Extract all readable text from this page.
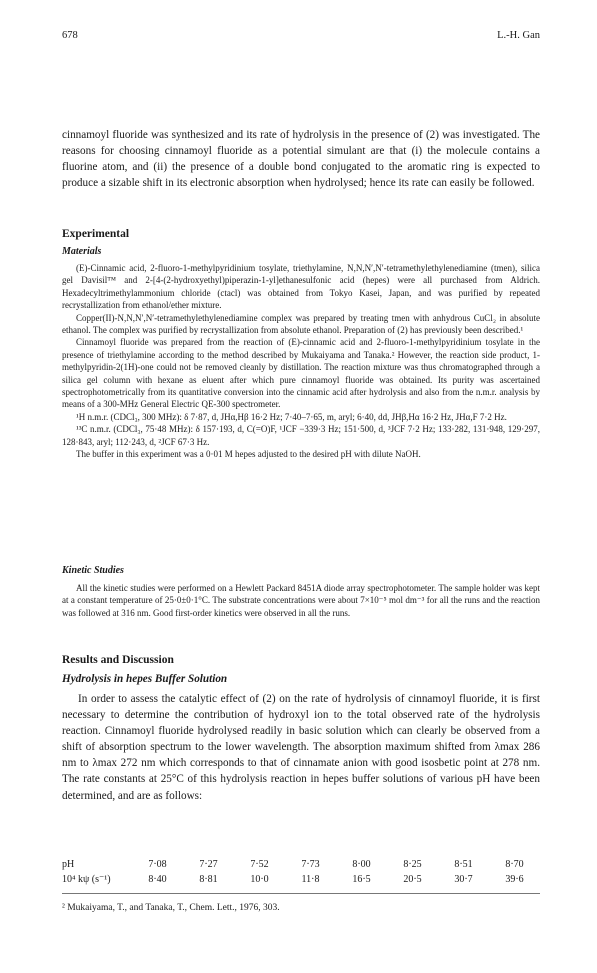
678	L.-H. Gan

cinnamoyl fluoride was synthesized and its rate of hydrolysis in the presence of (2) was investigated. The reasons for choosing cinnamoyl fluoride as a potential simulant are that (i) the molecule contains a fluorine atom, and (ii) the presence of a double bond conjugated to the aromatic ring is expected to produce a sizable shift in its electronic absorption when hydrolysed; hence its rate can easily be followed.

Experimental
Materials

(E)-Cinnamic acid, 2-fluoro-1-methylpyridinium tosylate, triethylamine, N,N,N′,N′-tetramethylethylenediamine (tmen), silica gel Davisil™ and 2-[4-(2-hydroxyethyl)piperazin-1-yl]ethanesulfonic acid (hepes) were all purchased from Aldrich. Hexadecyltrimethylammonium chloride (ctacl) was obtained from Tokyo Kasei, Japan, and was purified by repeated recrystallization from ethanol/ether mixture.

Copper(II)-N,N,N′,N′-tetramethylethylenediamine complex was prepared by treating tmen with anhydrous CuCl₂ in absolute ethanol. The complex was purified by recrystallization from absolute ethanol. Preparation of (2) has previously been described.¹

Cinnamoyl fluoride was prepared from the reaction of (E)-cinnamic acid and 2-fluoro-1-methylpyridinium tosylate in the presence of triethylamine according to the method described by Mukaiyama and Tanaka.² However, the reaction side product, 1-methylpyridin-2(1H)-one could not be removed cleanly by distillation. The reaction mixture was thus chromatographed through a silica gel column with hexane as eluent after which pure cinnamoyl fluoride was obtained. Its purity was ascertained spectrophotometrically from its quantitative conversion into the cinnamic acid after hydrolysis and also from the n.m.r. analysis by means of a 300-MHz General Electric QE-300 spectrometer.

¹H n.m.r. (CDCl₃, 300 MHz): δ 7·87, d, JHα,Hβ 16·2 Hz; 7·40–7·65, m, aryl; 6·40, dd, JHβ,Hα 16·2 Hz, JHα,F 7·2 Hz.

¹³C n.m.r. (CDCl₃, 75·48 MHz): δ 157·193, d, C(=O)F, ¹JCF −339·3 Hz; 151·500, d, ³JCF 7·2 Hz; 133·282, 131·948, 129·297, 128·843, aryl; 112·243, d, ²JCF 67·3 Hz.

The buffer in this experiment was a 0·01 M hepes adjusted to the desired pH with dilute NaOH.

Kinetic Studies

All the kinetic studies were performed on a Hewlett Packard 8451A diode array spectrophotometer. The sample holder was kept at a constant temperature of 25·0±0·1°C. The substrate concentrations were about 7×10⁻⁵ mol dm⁻³ for all the runs and the reaction was followed at 316 nm. Good first-order kinetics were observed in all the runs.

Results and Discussion
Hydrolysis in hepes Buffer Solution

In order to assess the catalytic effect of (2) on the rate of hydrolysis of cinnamoyl fluoride, it is first necessary to determine the contribution of hydroxyl ion to the total observed rate of the hydrolysis reaction. Cinnamoyl fluoride hydrolysed readily in basic solution which can clearly be observed from a shift of absorption spectrum to the lower wavelength. The absorption maximum shifted from λmax 286 nm to λmax 272 nm which corresponds to that of cinnamate anion with good isosbetic point at 278 nm. The rate constants at 25°C of this hydrolysis reaction in hepes buffer solutions of various pH have been determined, and are as follows:

pH	7·08	7·27	7·52	7·73	8·00	8·25	8·51	8·70
10⁴ kψ (s⁻¹)	8·40	8·81	10·0	11·8	16·5	20·5	30·7	39·6

² Mukaiyama, T., and Tanaka, T., Chem. Lett., 1976, 303.
